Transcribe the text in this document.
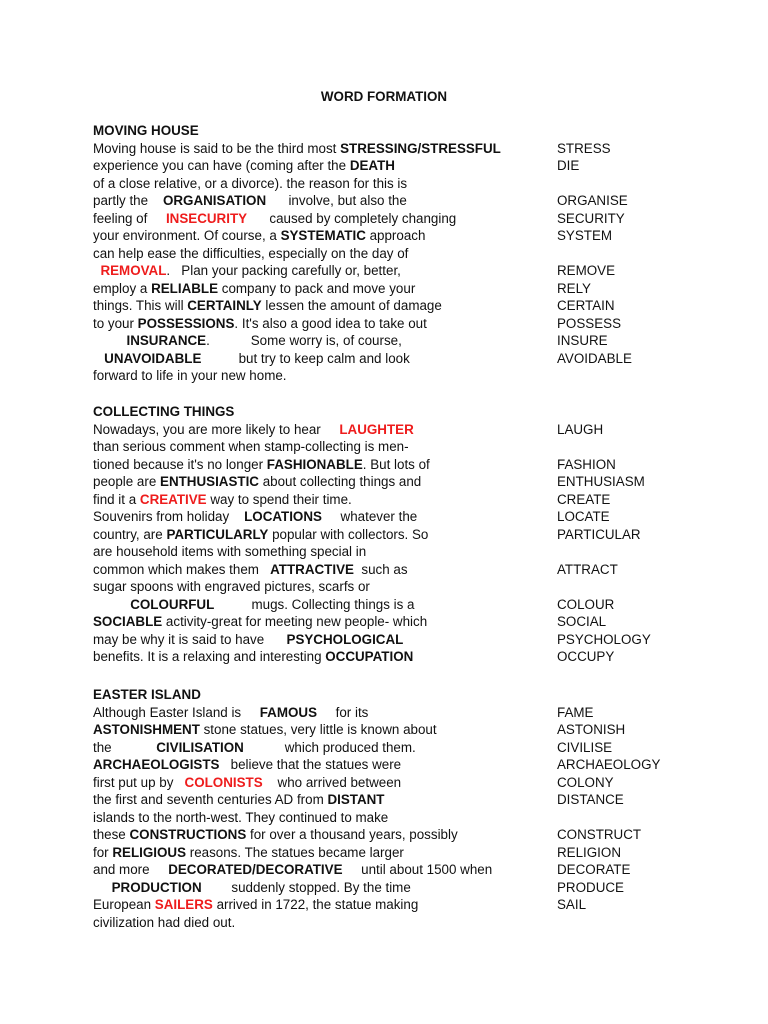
WORD FORMATION
MOVING HOUSE
Moving house is said to be the third most STRESSING/STRESSFUL	STRESS
experience you can have (coming after the DEATH	DIE
of a close relative, or a divorce). the reason for this is
partly the    ORGANISATION      involve, but also the	ORGANISE
feeling of     INSECURITY      caused by completely changing	SECURITY
your environment. Of course, a SYSTEMATIC approach	SYSTEM
can help ease the difficulties, especially on the day of
REMOVAL.   Plan your packing carefully or, better,	REMOVE
employ a RELIABLE company to pack and move your	RELY
things. This will CERTAINLY lessen the amount of damage	CERTAIN
to your POSSESSIONS. It's also a good idea to take out	POSSESS
INSURANCE.           Some worry is, of course,	INSURE
UNAVOIDABLE          but try to keep calm and look	AVOIDABLE
forward to life in your new home.
COLLECTING THINGS
Nowadays, you are more likely to hear     LAUGHTER	LAUGH
than serious comment when stamp-collecting is men-
tioned because it's no longer FASHIONABLE. But lots of	FASHION
people are ENTHUSIASTIC about collecting things and	ENTHUSIASM
find it a CREATIVE way to spend their time.	CREATE
Souvenirs from holiday    LOCATIONS     whatever the	LOCATE
country, are PARTICULARLY popular with collectors. So	PARTICULAR
are household items with something special in
common which makes them   ATTRACTIVE  such as	ATTRACT
sugar spoons with engraved pictures, scarfs or
COLOURFUL          mugs. Collecting things is a	COLOUR
SOCIABLE activity-great for meeting new people- which	SOCIAL
may be why it is said to have      PSYCHOLOGICAL	PSYCHOLOGY
benefits. It is a relaxing and interesting OCCUPATION	OCCUPY
EASTER ISLAND
Although Easter Island is     FAMOUS     for its	FAME
ASTONISHMENT stone statues, very little is known about	ASTONISH
the            CIVILISATION           which produced them.	CIVILISE
ARCHAEOLOGISTS   believe that the statues were	ARCHAEOLOGY
first put up by   COLONISTS    who arrived between	COLONY
the first and seventh centuries AD from DISTANT	DISTANCE
islands to the north-west. They continued to make
these CONSTRUCTIONS for over a thousand years, possibly	CONSTRUCT
for RELIGIOUS reasons. The statues became larger	RELIGION
and more     DECORATED/DECORATIVE     until about 1500 when	DECORATE
PRODUCTION        suddenly stopped. By the time	PRODUCE
European SAILERS arrived in 1722, the statue making	SAIL
civilization had died out.
